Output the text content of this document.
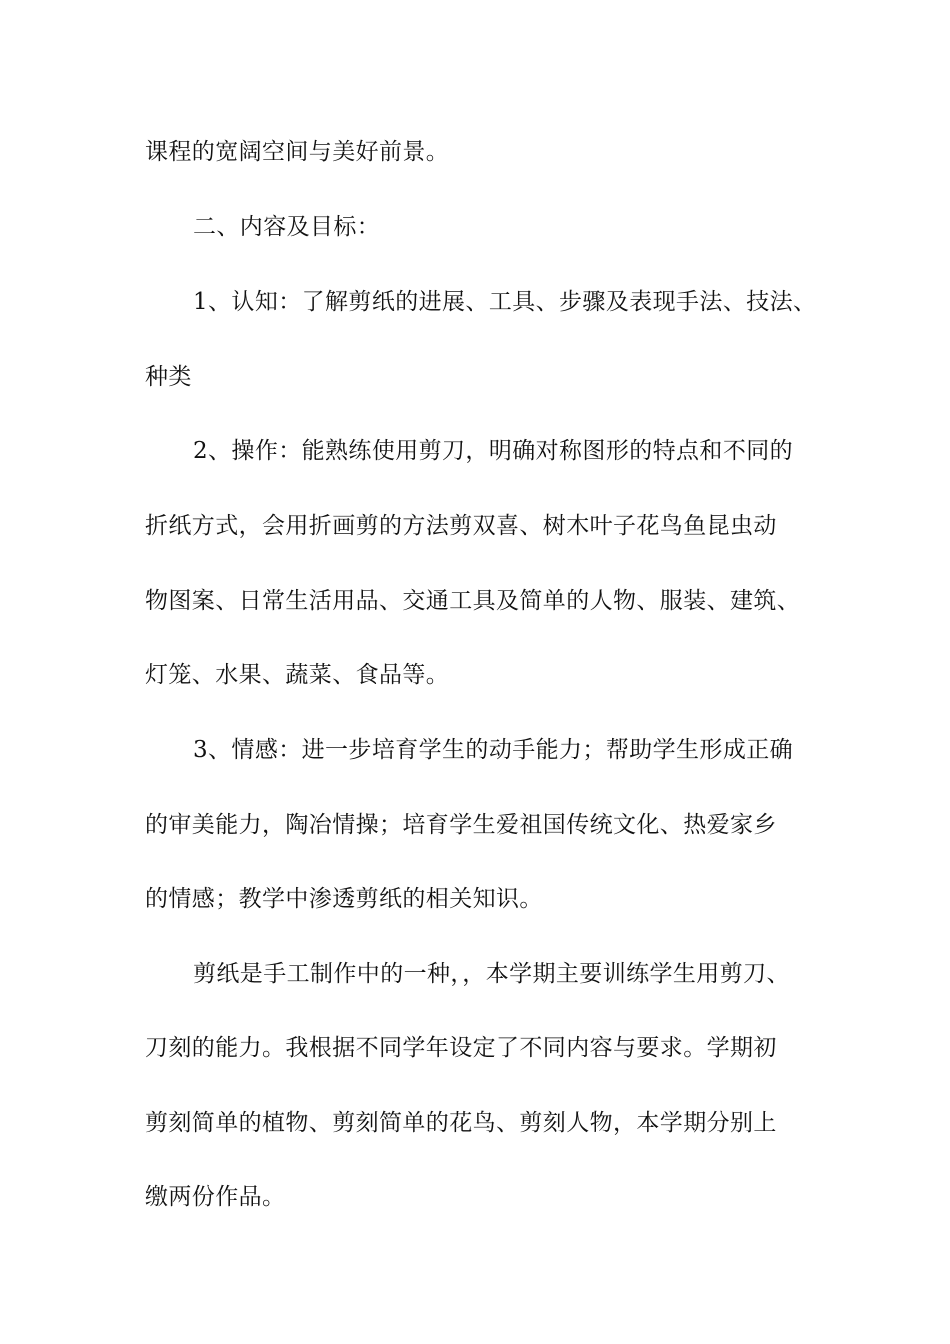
课程的宽阔空间与美好前景。
二、内容及目标：
1、认知：了解剪纸的进展、工具、步骤及表现手法、技法、
种类
2、操作：能熟练使用剪刀，明确对称图形的特点和不同的
折纸方式，会用折画剪的方法剪双喜、树木叶子花鸟鱼昆虫动
物图案、日常生活用品、交通工具及简单的人物、服装、建筑、
灯笼、水果、蔬菜、食品等。
3、情感：进一步培育学生的动手能力；帮助学生形成正确
的审美能力，陶冶情操；培育学生爱祖国传统文化、热爱家乡
的情感；教学中渗透剪纸的相关知识。
剪纸是手工制作中的一种，，本学期主要训练学生用剪刀、
刀刻的能力。我根据不同学年设定了不同内容与要求。学期初
剪刻简单的植物、剪刻简单的花鸟、剪刻人物，本学期分别上
缴两份作品。
